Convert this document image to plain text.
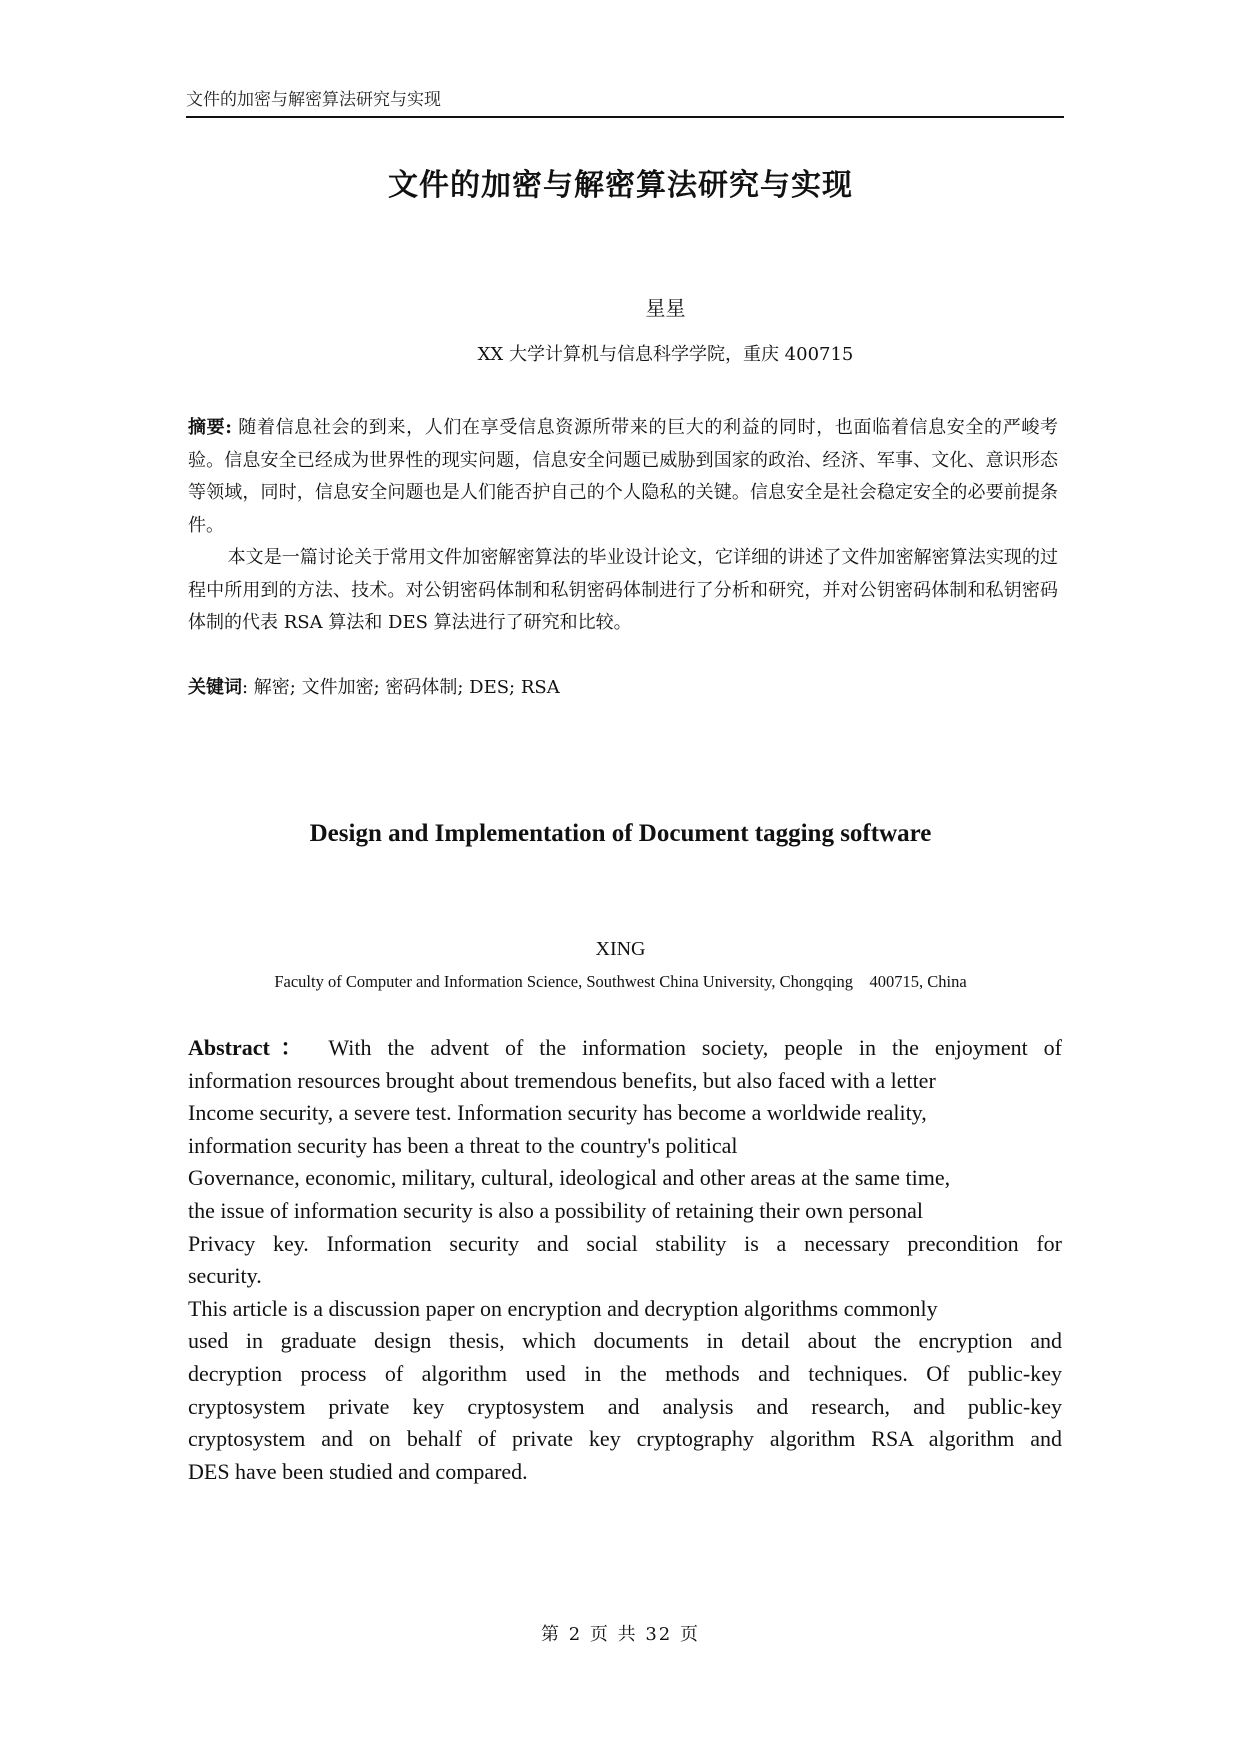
文件的加密与解密算法研究与实现
文件的加密与解密算法研究与实现
星星
XX 大学计算机与信息科学学院，重庆 400715

摘要: 随着信息社会的到来，人们在享受信息资源所带来的巨大的利益的同时，也面临着信息安全的严峻考验。信息安全已经成为世界性的现实问题，信息安全问题已威胁到国家的政治、经济、军事、文化、意识形态等领域，同时，信息安全问题也是人们能否护自己的个人隐私的关键。信息安全是社会稳定安全的必要前提条件。

本文是一篇讨论关于常用文件加密解密算法的毕业设计论文，它详细的讲述了文件加密解密算法实现的过程中所用到的方法、技术。对公钥密码体制和私钥密码体制进行了分析和研究，并对公钥密码体制和私钥密码体制的代表 RSA 算法和 DES 算法进行了研究和比较。

关键词: 解密; 文件加密; 密码体制; DES; RSA
Design and Implementation of Document tagging software
XING
Faculty of Computer and Information Science, Southwest China University, Chongqing    400715, China
Abstract： With the advent of the information society, people in the enjoyment of
information resources brought about tremendous benefits, but also faced with a letter
Income security, a severe test. Information security has become a worldwide reality,
information security has been a threat to the country's political
Governance, economic, military, cultural, ideological and other areas at the same time,
the issue of information security is also a possibility of retaining their own personal
Privacy key. Information security and social stability is a necessary precondition for
security.
This article is a discussion paper on encryption and decryption algorithms commonly
used in graduate design thesis, which documents in detail about the encryption and
decryption process of algorithm used in the methods and techniques. Of public-key
cryptosystem private key cryptosystem and analysis and research, and public-key
cryptosystem and on behalf of private key cryptography algorithm RSA algorithm and
DES have been studied and compared.
第 2 页 共 32 页
